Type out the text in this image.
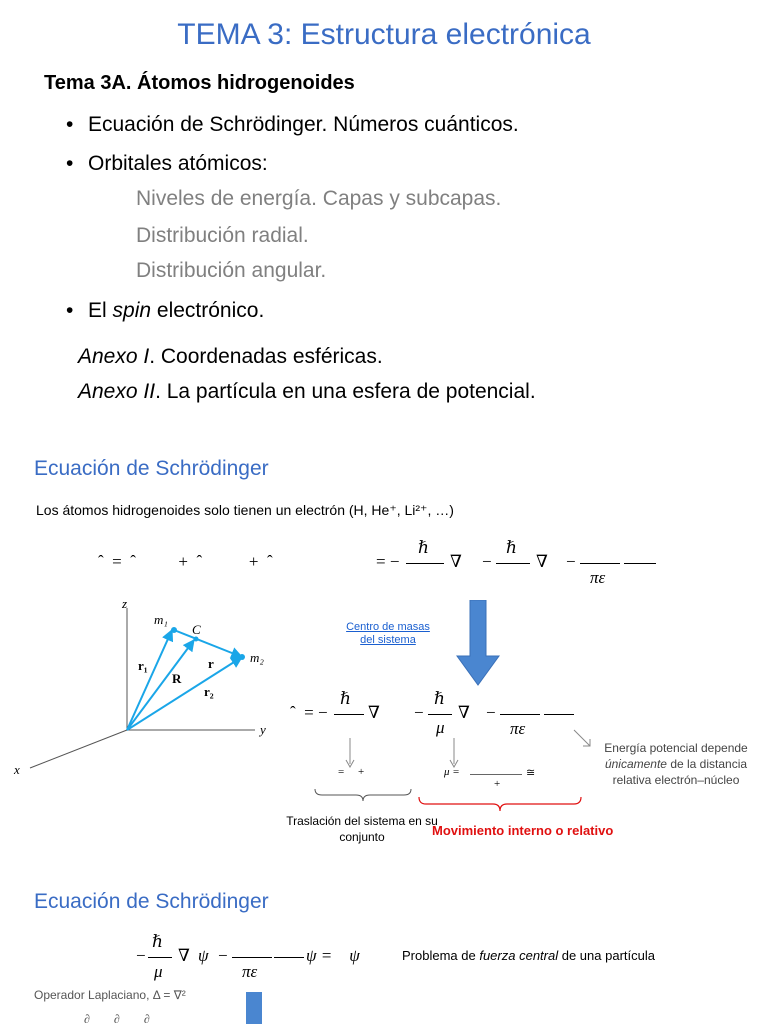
TEMA 3: Estructura electrónica
Tema 3A. Átomos hidrogenoides
• Ecuación de Schrödinger. Números cuánticos.
• Orbitales atómicos:
Niveles de energía. Capas y subcapas.
Distribución radial.
Distribución angular.
• El spin electrónico.
Anexo I. Coordenadas esféricas.
Anexo II. La partícula en una esfera de potencial.
Ecuación de Schrödinger
Los átomos hidrogenoides solo tienen un electrón (H, He⁺, Li²⁺, …)
ˆ  =  ˆ          +  ˆ           +  ˆ	= −
ℏ
∇ −
ℏ
∇ −
πε
z
y
x
m₁
m₂
C
r
r₁
r₂
R
Centro de masas del sistema
ˆ  = −
ℏ
∇ −
ℏ
μ
∇ −
πε
=     +	μ =
+
≅
Energía potencial depende
únicamente de la distancia
relativa electrón–núcleo
Traslación del sistema en su conjunto	Movimiento interno o relativo
Ecuación de Schrödinger
−
ℏ
μ
∇ ψ −
πε
ψ =    ψ	Problema de fuerza central de una partícula
Operador Laplaciano, Δ = ∇²
∂        ∂        ∂
